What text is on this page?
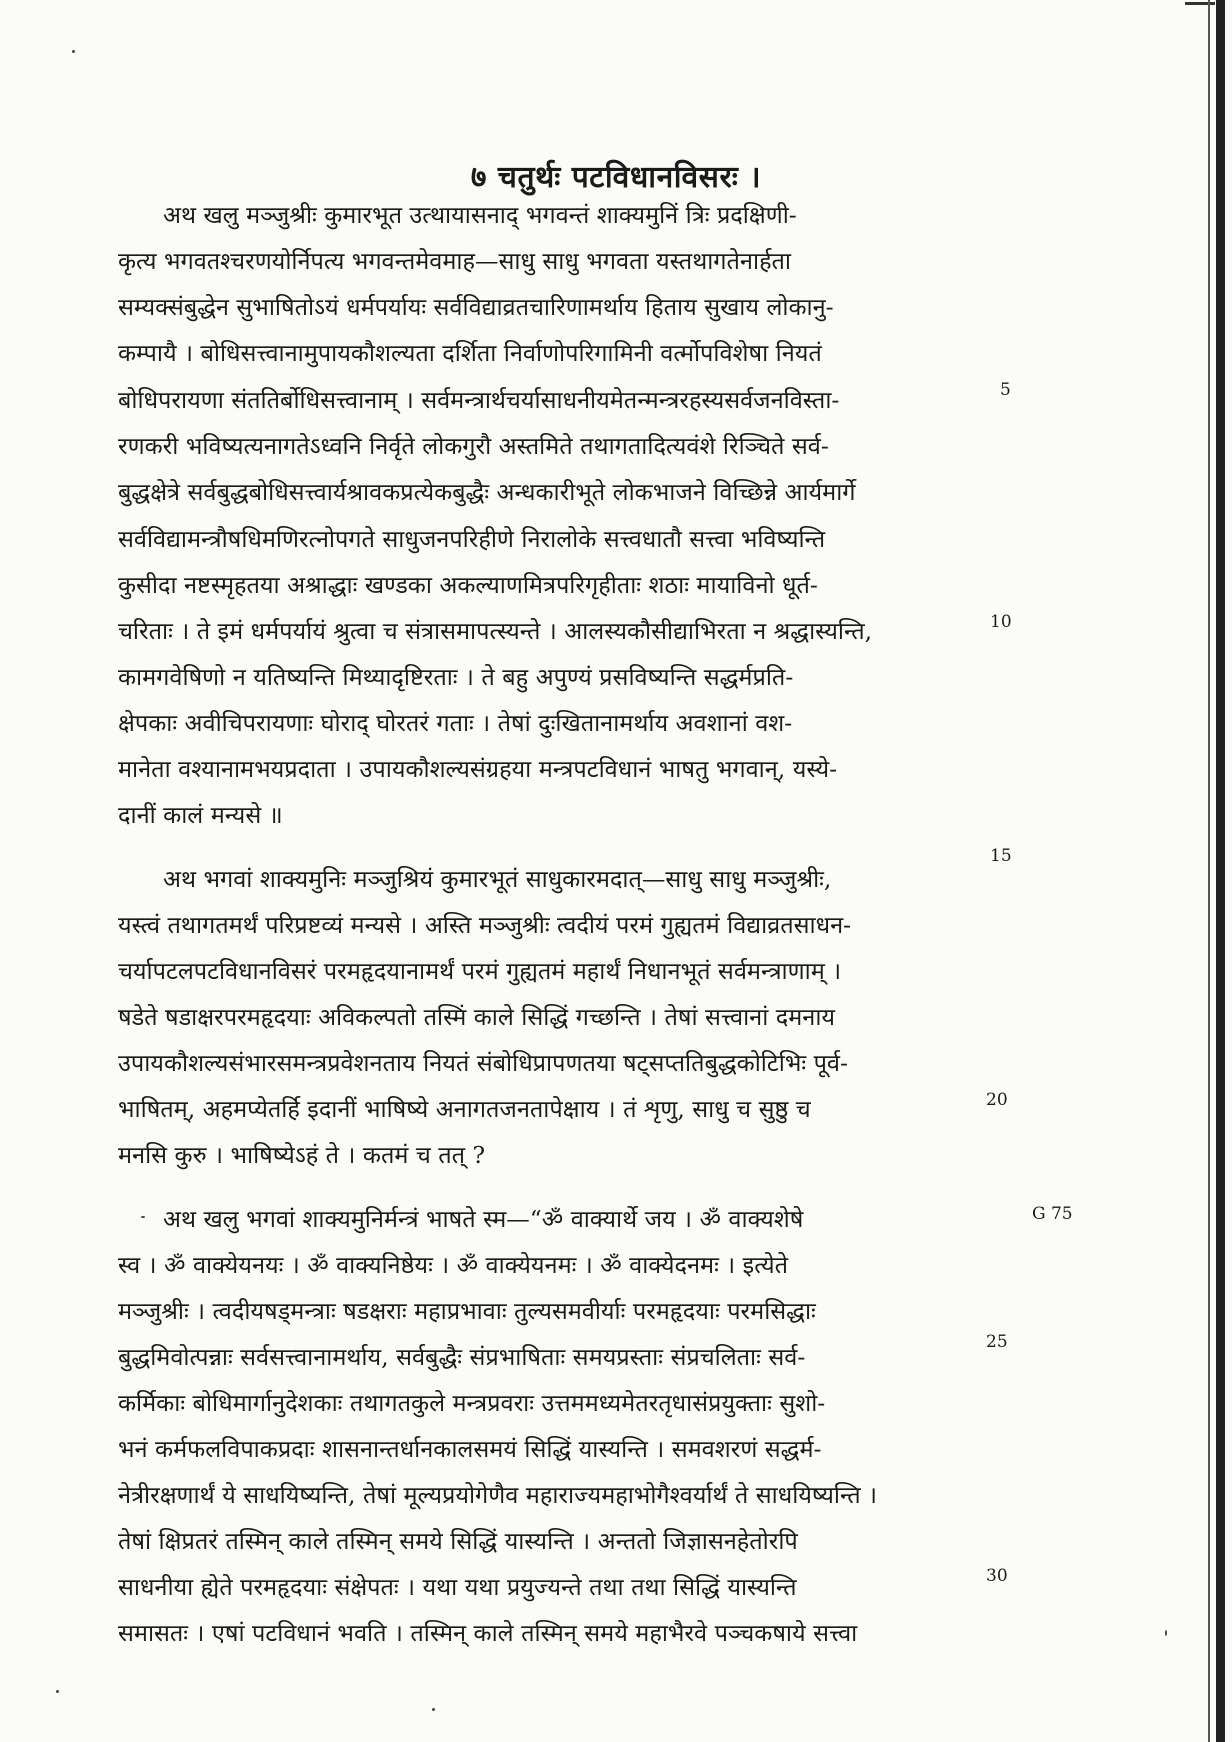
७ चतुर्थः पटविधानविसरः ।
अथ खलु मञ्जुश्रीः कुमारभूत उत्थायासनाद् भगवन्तं शाक्यमुनिं त्रिः प्रदक्षिणी-
कृत्य भगवतश्चरणयोर्निपत्य भगवन्तमेवमाह—साधु साधु भगवता यस्तथागतेनार्हता
सम्यक्संबुद्धेन सुभाषितोऽयं धर्मपर्यायः सर्वविद्याव्रतचारिणामर्थाय हिताय सुखाय लोकानु-
कम्पायै । बोधिसत्त्वानामुपायकौशल्यता दर्शिता निर्वाणोपरिगामिनी वर्त्मोपविशेषा नियतं
बोधिपरायणा संततिर्बोधिसत्त्वानाम् । सर्वमन्त्रार्थचर्यासाधनीयमेतन्मन्त्ररहस्यसर्वजनविस्ता-
रणकरी भविष्यत्यनागतेऽध्वनि निर्वृते लोकगुरौ अस्तमिते तथागतादित्यवंशे रिञ्चिते सर्व-
बुद्धक्षेत्रे सर्वबुद्धबोधिसत्त्वार्यश्रावकप्रत्येकबुद्धैः अन्धकारीभूते लोकभाजने विच्छिन्ने आर्यमार्गे
सर्वविद्यामन्त्रौषधिमणिरत्नोपगते साधुजनपरिहीणे निरालोके सत्त्वधातौ सत्त्वा भविष्यन्ति
कुसीदा नष्टस्मृहतया अश्राद्धाः खण्डका अकल्याणमित्रपरिगृहीताः शठाः मायाविनो धूर्त-
चरिताः । ते इमं धर्मपर्यायं श्रुत्वा च संत्रासमापत्स्यन्ते । आलस्यकौसीद्याभिरता न श्रद्धास्यन्ति,
कामगवेषिणो न यतिष्यन्ति मिथ्यादृष्टिरताः । ते बहु अपुण्यं प्रसविष्यन्ति सद्धर्मप्रति-
क्षेपकाः अवीचिपरायणाः घोराद् घोरतरं गताः । तेषां दुःखितानामर्थाय अवशानां वश-
मानेता वश्यानामभयप्रदाता । उपायकौशल्यसंग्रहया मन्त्रपटविधानं भाषतु भगवान्, यस्ये-
दानीं कालं मन्यसे ॥
अथ भगवां शाक्यमुनिः मञ्जुश्रियं कुमारभूतं साधुकारमदात्—साधु साधु मञ्जुश्रीः,
यस्त्वं तथागतमर्थं परिप्रष्टव्यं मन्यसे । अस्ति मञ्जुश्रीः त्वदीयं परमं गुह्यतमं विद्याव्रतसाधन-
चर्यापटलपटविधानविसरं परमहृदयानामर्थं परमं गुह्यतमं महार्थं निधानभूतं सर्वमन्त्राणाम् ।
षडेते षडाक्षरपरमहृदयाः अविकल्पतो तस्मिं काले सिद्धिं गच्छन्ति । तेषां सत्त्वानां दमनाय
उपायकौशल्यसंभारसमन्त्रप्रवेशनताय नियतं संबोधिप्रापणतया षट्सप्ततिबुद्धकोटिभिः पूर्व-
भाषितम्, अहमप्येतर्हि इदानीं भाषिष्ये अनागतजनतापेक्षाय । तं शृणु, साधु च सुष्ठु च
मनसि कुरु । भाषिष्येऽहं ते । कतमं च तत् ?
अथ खलु भगवां शाक्यमुनिर्मन्त्रं भाषते स्म—“ॐ वाक्यार्थे जय । ॐ वाक्यशेषे
स्व । ॐ वाक्येयनयः । ॐ वाक्यनिष्ठेयः । ॐ वाक्येयनमः । ॐ वाक्येदनमः । इत्येते
मञ्जुश्रीः । त्वदीयषड्मन्त्राः षडक्षराः महाप्रभावाः तुल्यसमवीर्याः परमहृदयाः परमसिद्धाः
बुद्धमिवोत्पन्नाः सर्वसत्त्वानामर्थाय, सर्वबुद्धैः संप्रभाषिताः समयप्रस्ताः संप्रचलिताः सर्व-
कर्मिकाः बोधिमार्गानुदेशकाः तथागतकुले मन्त्रप्रवराः उत्तममध्यमेतरतृधासंप्रयुक्ताः सुशो-
भनं कर्मफलविपाकप्रदाः शासनान्तर्धानकालसमयं सिद्धिं यास्यन्ति । समवशरणं सद्धर्म-
नेत्रीरक्षणार्थं ये साधयिष्यन्ति, तेषां मूल्यप्रयोगेणैव महाराज्यमहाभोगैश्वर्यार्थं ते साधयिष्यन्ति ।
तेषां क्षिप्रतरं तस्मिन् काले तस्मिन् समये सिद्धिं यास्यन्ति । अन्ततो जिज्ञासनहेतोरपि
साधनीया ह्येते परमहृदयाः संक्षेपतः । यथा यथा प्रयुज्यन्ते तथा तथा सिद्धिं यास्यन्ति
समासतः । एषां पटविधानं भवति । तस्मिन् काले तस्मिन् समये महाभैरवे पञ्चकषाये सत्त्वा
5
10
15
20
25
30
G 75
